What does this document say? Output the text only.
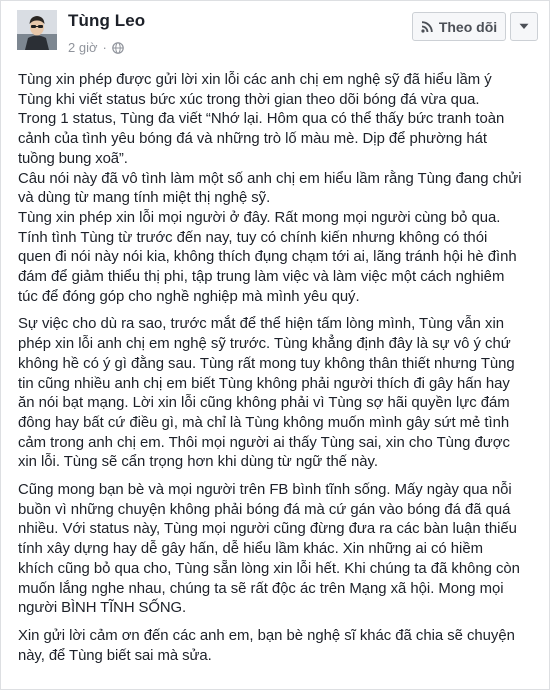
Tùng Leo
2 giờ ·
Theo dõi
Tùng xin phép được gửi lời xin lỗi các anh chị em nghệ sỹ đã hiểu lầm ý
Tùng khi viết status bức xúc trong thời gian theo dõi bóng đá vừa qua.
Trong 1 status, Tùng đa viết “Nhớ lại. Hôm qua có thể thấy bức tranh toàn
cảnh của tình yêu bóng đá và những trò lố màu mè. Dịp để phường hát
tuồng bung xoã”.
Câu nói này đã vô tình làm một số anh chị em hiểu lầm rằng Tùng đang chửi
và dùng từ mang tính miệt thị nghệ sỹ.
Tùng xin phép xin lỗi mọi người ở đây. Rất mong mọi người cùng bỏ qua.
Tính tình Tùng từ trước đến nay, tuy có chính kiến nhưng không có thói
quen đi nói này nói kia, không thích đụng chạm tới ai, lãng tránh hội hè đình
đám để giảm thiểu thị phi, tập trung làm việc và làm việc một cách nghiêm
túc để đóng góp cho nghề nghiệp mà mình yêu quý.
Sự việc cho dù ra sao, trước mắt để thể hiện tấm lòng mình, Tùng vẫn xin
phép xin lỗi anh chị em nghệ sỹ trước. Tùng khẳng định đây là sự vô ý chứ
không hề có ý gì đằng sau. Tùng rất mong tuy không thân thiết nhưng Tùng
tin cũng nhiều anh chị em biết Tùng không phải người thích đi gây hấn hay
ăn nói bạt mạng. Lời xin lỗi cũng không phải vì Tùng sợ hãi quyền lực đám
đông hay bất cứ điều gì, mà chỉ là Tùng không muốn mình gây sứt mẻ tình
cảm trong anh chị em. Thôi mọi người ai thấy Tùng sai, xin cho Tùng được
xin lỗi. Tùng sẽ cẩn trọng hơn khi dùng từ ngữ thế này.
Cũng mong bạn bè và mọi người trên FB bình tĩnh sống. Mấy ngày qua nỗi
buồn vì những chuyện không phải bóng đá mà cứ gán vào bóng đá đã quá
nhiều. Với status này, Tùng mọi người cũng đừng đưa ra các bàn luận thiếu
tính xây dựng hay dễ gây hấn, dễ hiểu lầm khác. Xin những ai có hiềm
khích cũng bỏ qua cho, Tùng sẵn lòng xin lỗi hết. Khi chúng ta đã không còn
muốn lắng nghe nhau, chúng ta sẽ rất độc ác trên Mạng xã hội. Mong mọi
người BÌNH TĨNH SỐNG.
Xin gửi lời cảm ơn đến các anh em, bạn bè nghệ sĩ khác đã chia sẽ chuyện
này, để Tùng biết sai mà sửa.
